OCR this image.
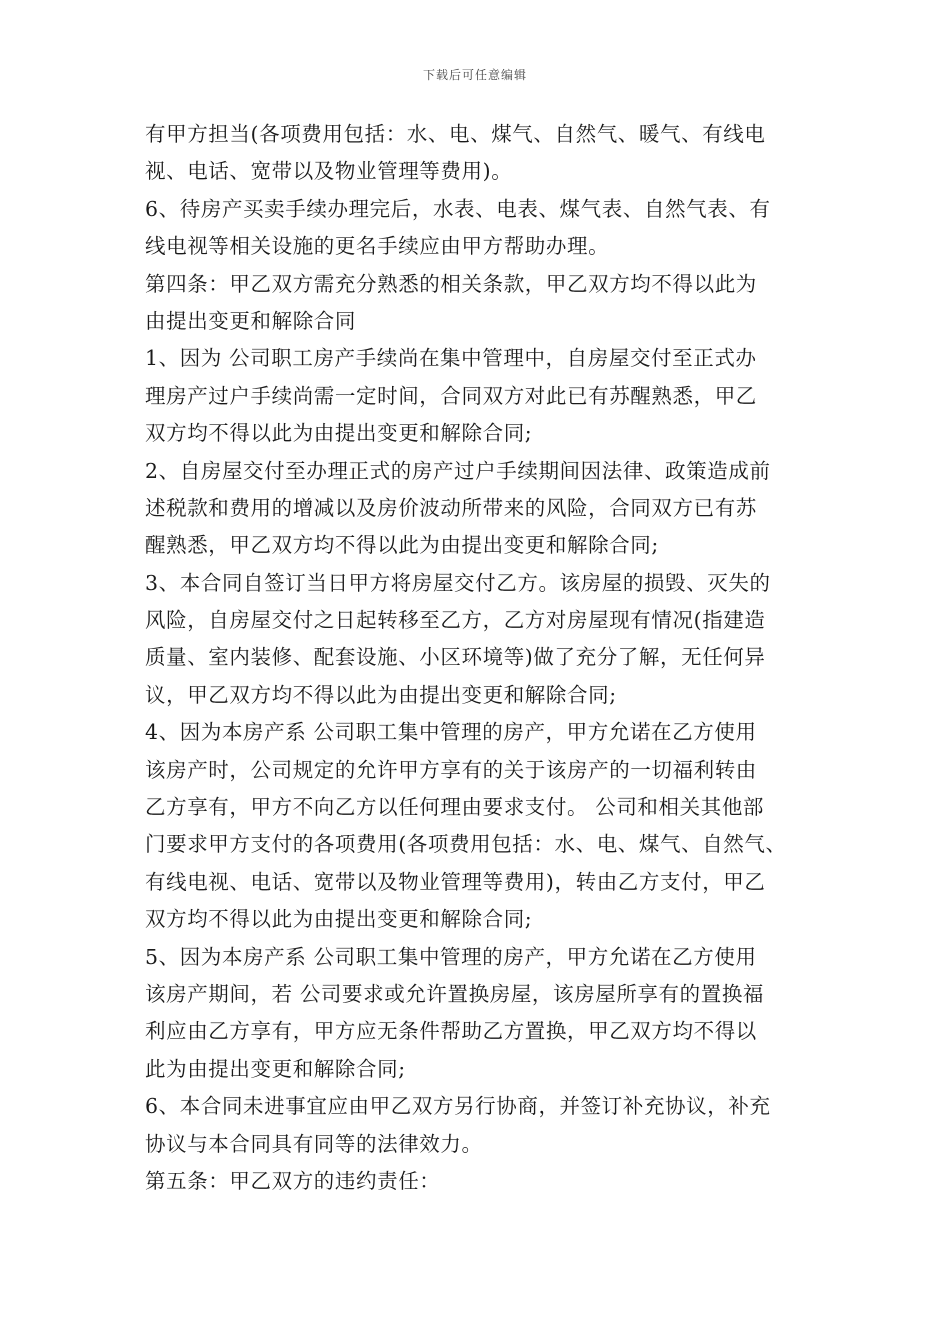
下载后可任意编辑
有甲方担当(各项费用包括：水、电、煤气、自然气、暖气、有线电
视、电话、宽带以及物业管理等费用)。
6、待房产买卖手续办理完后，水表、电表、煤气表、自然气表、有
线电视等相关设施的更名手续应由甲方帮助办理。
第四条：甲乙双方需充分熟悉的相关条款，甲乙双方均不得以此为
由提出变更和解除合同
1、因为 公司职工房产手续尚在集中管理中，自房屋交付至正式办
理房产过户手续尚需一定时间，合同双方对此已有苏醒熟悉，甲乙
双方均不得以此为由提出变更和解除合同;
2、自房屋交付至办理正式的房产过户手续期间因法律、政策造成前
述税款和费用的增减以及房价波动所带来的风险，合同双方已有苏
醒熟悉，甲乙双方均不得以此为由提出变更和解除合同;
3、本合同自签订当日甲方将房屋交付乙方。该房屋的损毁、灭失的
风险，自房屋交付之日起转移至乙方，乙方对房屋现有情况(指建造
质量、室内装修、配套设施、小区环境等)做了充分了解，无任何异
议，甲乙双方均不得以此为由提出变更和解除合同;
4、因为本房产系 公司职工集中管理的房产，甲方允诺在乙方使用
该房产时，公司规定的允许甲方享有的关于该房产的一切福利转由
乙方享有，甲方不向乙方以任何理由要求支付。 公司和相关其他部
门要求甲方支付的各项费用(各项费用包括：水、电、煤气、自然气、
有线电视、电话、宽带以及物业管理等费用)，转由乙方支付，甲乙
双方均不得以此为由提出变更和解除合同;
5、因为本房产系 公司职工集中管理的房产，甲方允诺在乙方使用
该房产期间，若 公司要求或允许置换房屋，该房屋所享有的置换福
利应由乙方享有，甲方应无条件帮助乙方置换，甲乙双方均不得以
此为由提出变更和解除合同;
6、本合同未进事宜应由甲乙双方另行协商，并签订补充协议，补充
协议与本合同具有同等的法律效力。
第五条：甲乙双方的违约责任：
